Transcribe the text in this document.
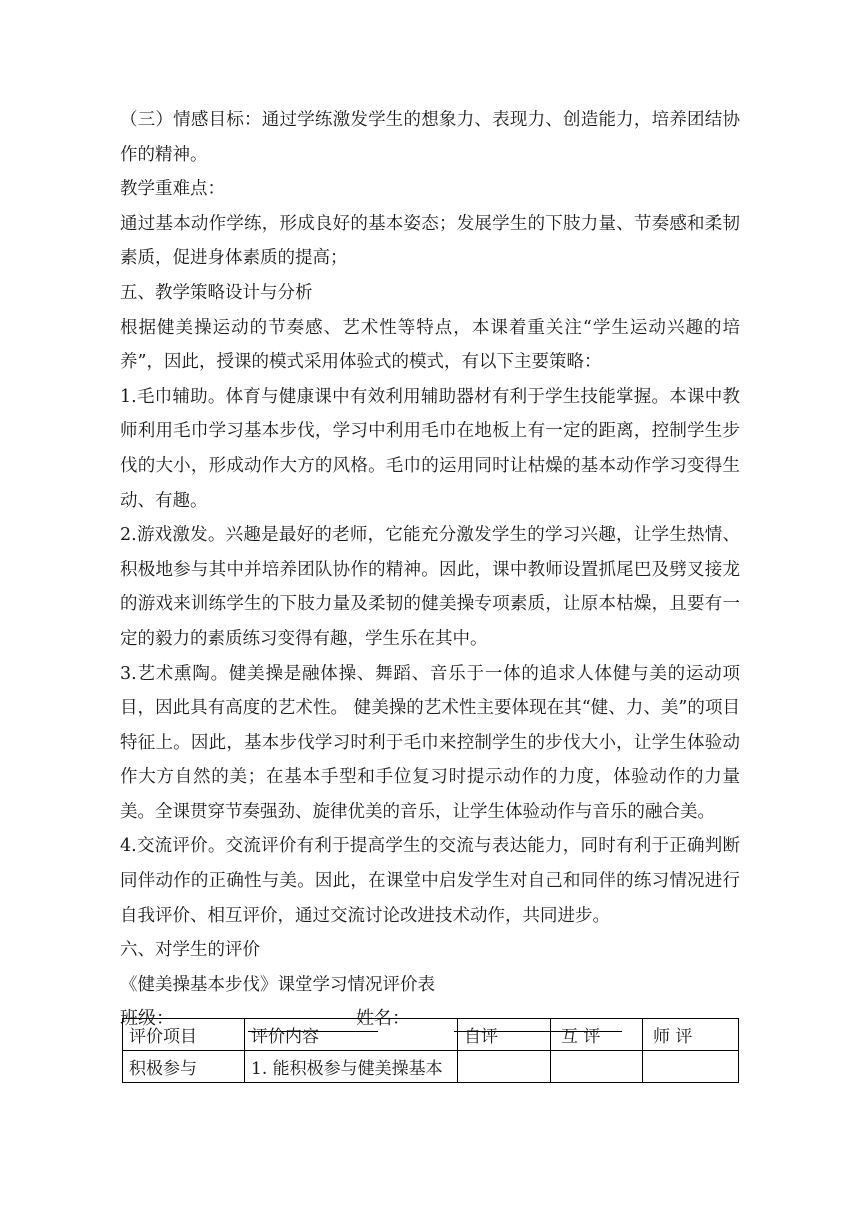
（三）情感目标：通过学练激发学生的想象力、表现力、创造能力，培养团结协作的精神。

教学重难点：

通过基本动作学练，形成良好的基本姿态；发展学生的下肢力量、节奏感和柔韧素质，促进身体素质的提高；

五、教学策略设计与分析

根据健美操运动的节奏感、艺术性等特点，本课着重关注“学生运动兴趣的培养”，因此，授课的模式采用体验式的模式，有以下主要策略：

1.毛巾辅助。体育与健康课中有效利用辅助器材有利于学生技能掌握。本课中教师利用毛巾学习基本步伐，学习中利用毛巾在地板上有一定的距离，控制学生步伐的大小，形成动作大方的风格。毛巾的运用同时让枯燥的基本动作学习变得生动、有趣。

2.游戏激发。兴趣是最好的老师，它能充分激发学生的学习兴趣，让学生热情、积极地参与其中并培养团队协作的精神。因此，课中教师设置抓尾巴及劈叉接龙的游戏来训练学生的下肢力量及柔韧的健美操专项素质，让原本枯燥，且要有一定的毅力的素质练习变得有趣，学生乐在其中。

3.艺术熏陶。健美操是融体操、舞蹈、音乐于一体的追求人体健与美的运动项目，因此具有高度的艺术性。 健美操的艺术性主要体现在其“健、力、美”的项目特征上。因此，基本步伐学习时利于毛巾来控制学生的步伐大小，让学生体验动作大方自然的美；在基本手型和手位复习时提示动作的力度，体验动作的力量美。全课贯穿节奏强劲、旋律优美的音乐，让学生体验动作与音乐的融合美。

4.交流评价。交流评价有利于提高学生的交流与表达能力，同时有利于正确判断同伴动作的正确性与美。因此，在课堂中启发学生对自己和同伴的练习情况进行自我评价、相互评价，通过交流讨论改进技术动作，共同进步。

六、对学生的评价

《健美操基本步伐》课堂学习情况评价表

班级：	姓名：
评价项目	评价内容	自评	互 评	师 评
积极参与	1. 能积极参与健美操基本			
